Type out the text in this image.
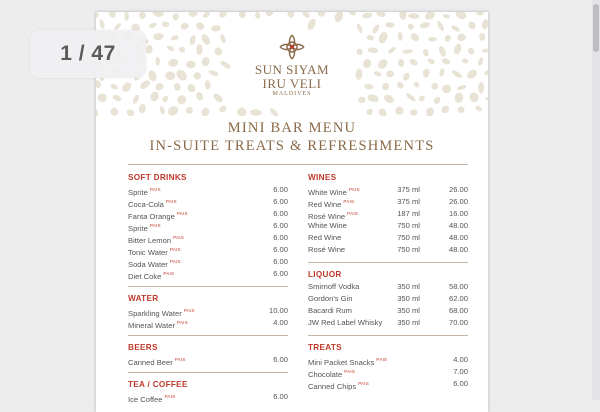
SUN SIYAM
IRU VELI
MALDIVES
MINI BAR MENU
IN-SUITE TREATS & REFRESHMENTS
SOFT DRINKS
Sprite $^{PAIS}$	6.00
Coca-Cola $^{PAIS}$	6.00
Fanta Orange $^{PAIS}$	6.00
Sprite $^{PAIS}$	6.00
Bitter Lemon $^{PAIS}$	6.00
Tonic Water $^{PAIS}$	6.00
Soda Water $^{PAIS}$	6.00
Diet Coke $^{PAIS}$	6.00
WATER
Sparkling Water $^{PAIS}$	10.00
Mineral Water $^{PAIS}$	4.00
BEERS
Canned Beer $^{PAIS}$	6.00
TEA / COFFEE
Ice Coffee $^{PAIS}$	6.00
WINES
White Wine $^{PAIS}$	375 ml	26.00
Red Wine $^{PAIS}$	375 ml	26.00
Rosé Wine $^{PAIS}$	187 ml	16.00
White Wine	750 ml	48.00
Red Wine	750 ml	48.00
Rosé Wine	750 ml	48.00
LIQUOR
Smirnoff Vodka	350 ml	58.00
Gordon's Gin	350 ml	62.00
Bacardi Rum	350 ml	68.00
JW Red Label Whisky 350 ml	70.00
TREATS
Mini Packet Snacks $^{PAIS}$	4.00
Chocolate $^{PAIS}$	7.00
Canned Chips $^{PAIS}$	6.00
1 / 47
